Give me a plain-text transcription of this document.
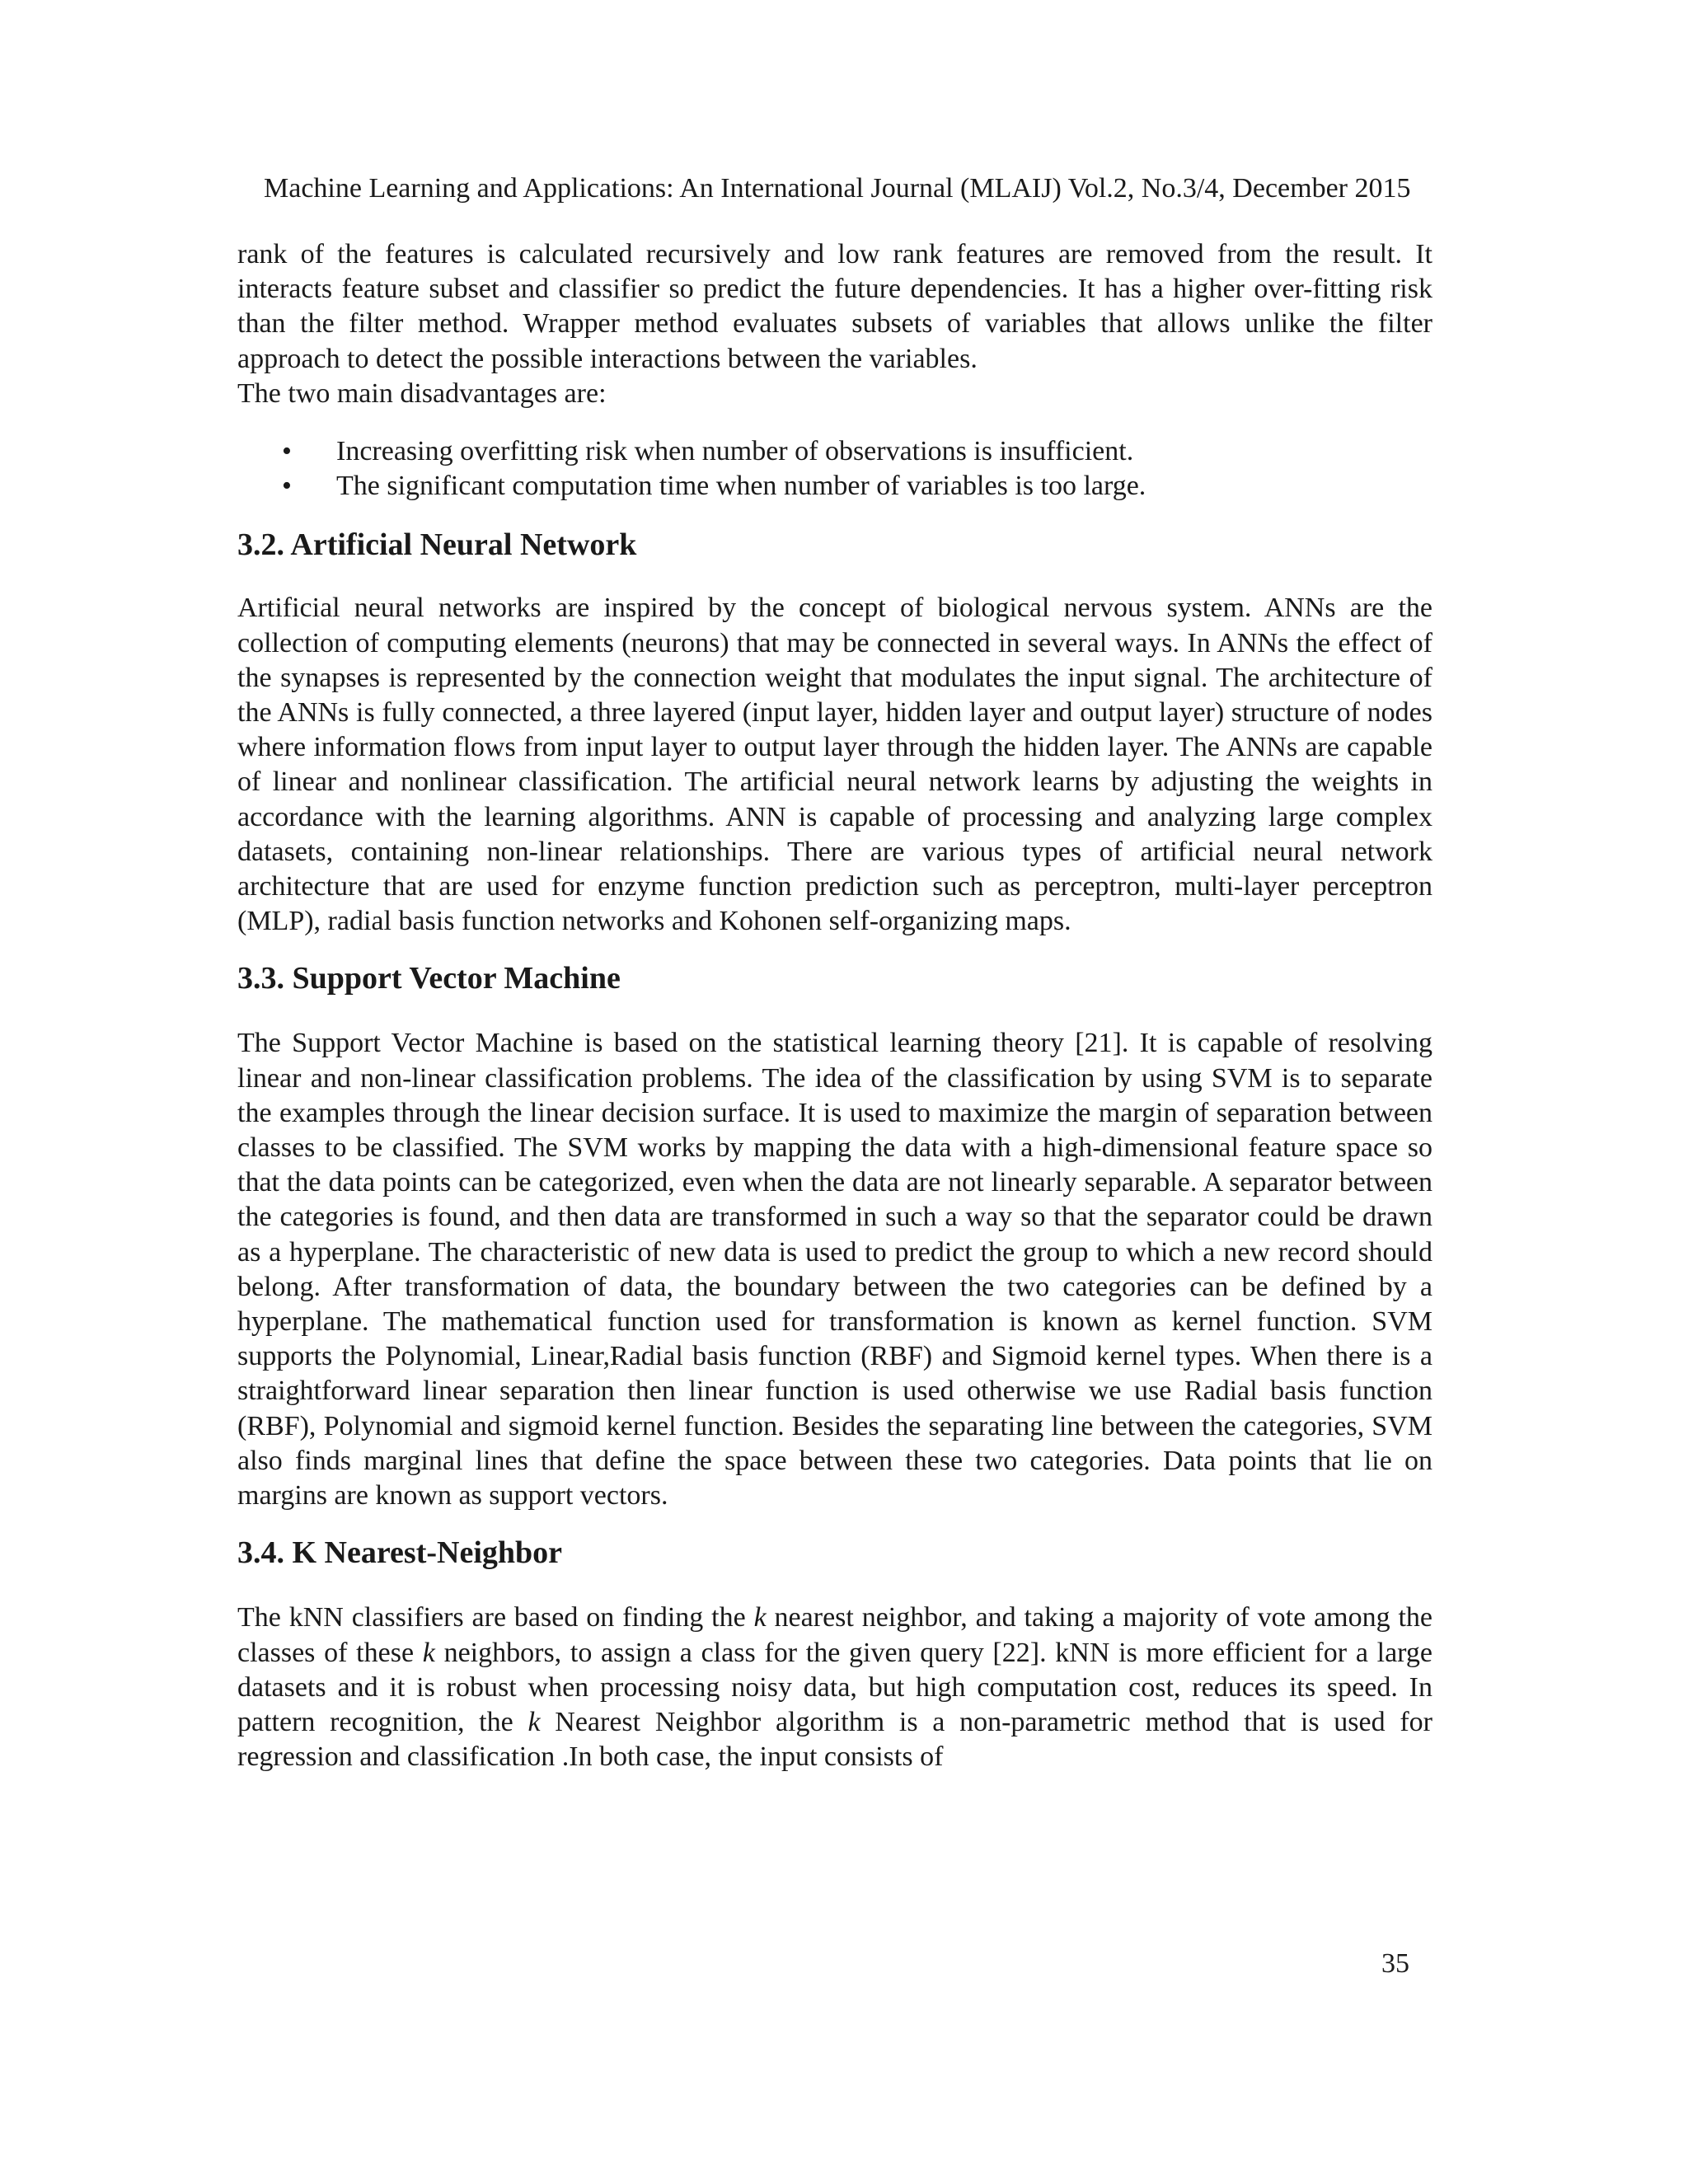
Machine Learning and Applications: An International Journal (MLAIJ) Vol.2, No.3/4, December 2015

rank of the features is calculated recursively and low rank features are removed from the result. It interacts feature subset and classifier so predict the future dependencies. It has a higher over-fitting risk than the filter method. Wrapper method evaluates subsets of variables that allows unlike the filter approach to detect the possible interactions between the variables.

The two main disadvantages are:

• Increasing overfitting risk when number of observations is insufficient.
• The significant computation time when number of variables is too large.
3.2. Artificial Neural Network

Artificial neural networks are inspired by the concept of biological nervous system. ANNs are the collection of computing elements (neurons) that may be connected in several ways. In ANNs the effect of the synapses is represented by the connection weight that modulates the input signal. The architecture of the ANNs is fully connected, a three layered (input layer, hidden layer and output layer) structure of nodes where information flows from input layer to output layer through the hidden layer. The ANNs are capable of linear and nonlinear classification. The artificial neural network learns by adjusting the weights in accordance with the learning algorithms. ANN is capable of processing and analyzing large complex datasets, containing non-linear relationships. There are various types of artificial neural network architecture that are used for enzyme function prediction such as perceptron, multi-layer perceptron (MLP), radial basis function networks and Kohonen self-organizing maps.

3.3. Support Vector Machine

The Support Vector Machine is based on the statistical learning theory [21]. It is capable of resolving linear and non-linear classification problems. The idea of the classification by using SVM is to separate the examples through the linear decision surface. It is used to maximize the margin of separation between classes to be classified. The SVM works by mapping the data with a high-dimensional feature space so that the data points can be categorized, even when the data are not linearly separable. A separator between the categories is found, and then data are transformed in such a way so that the separator could be drawn as a hyperplane. The characteristic of new data is used to predict the group to which a new record should belong. After transformation of data, the boundary between the two categories can be defined by a hyperplane. The mathematical function used for transformation is known as kernel function. SVM supports the Polynomial, Linear,Radial basis function (RBF) and Sigmoid kernel types. When there is a straightforward linear separation then linear function is used otherwise we use Radial basis function (RBF), Polynomial and sigmoid kernel function. Besides the separating line between the categories, SVM also finds marginal lines that define the space between these two categories. Data points that lie on margins are known as support vectors.

3.4. K Nearest-Neighbor

The kNN classifiers are based on finding the k nearest neighbor, and taking a majority of vote among the classes of these k neighbors, to assign a class for the given query [22]. kNN is more efficient for a large datasets and it is robust when processing noisy data, but high computation cost, reduces its speed. In pattern recognition, the k Nearest Neighbor algorithm is a non-parametric method that is used for regression and classification .In both case, the input consists of

35
